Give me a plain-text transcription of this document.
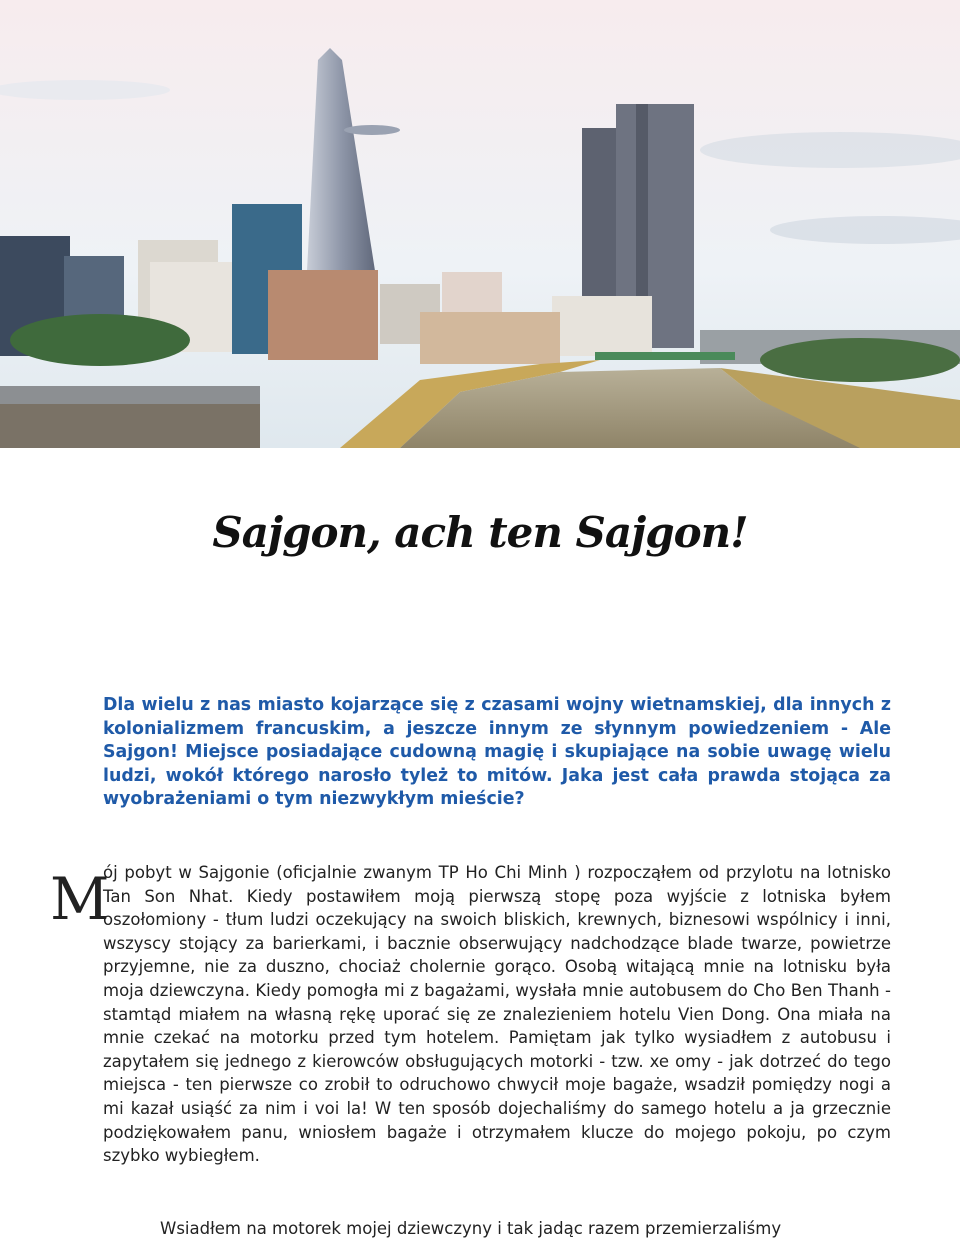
Sajgon, ach ten Sajgon!

Dla wielu z nas miasto kojarzące się z czasami wojny wietnamskiej, dla innych z kolonializmem francuskim, a jeszcze innym ze słynnym powiedzeniem - Ale Sajgon! Miejsce posiadające cudowną magię i skupiające na sobie uwagę wielu ludzi, wokół którego narosło tyleż to mitów. Jaka jest cała prawda stojąca za wyobrażeniami o tym niezwykłym mieście?

M

ój pobyt w Sajgonie (oficjalnie zwanym TP Ho Chi Minh ) rozpocząłem od przylotu na lotnisko Tan Son Nhat. Kiedy postawiłem moją pierwszą stopę poza wyjście z lotniska byłem oszołomiony - tłum ludzi oczekujący na swoich bliskich, krewnych, biznesowi wspólnicy i inni, wszyscy stojący za barierkami, i bacznie obserwujący nadchodzące blade twarze, powietrze przyjemne, nie za duszno, chociaż cholernie gorąco. Osobą witającą mnie na lotnisku była moja dziewczyna. Kiedy pomogła mi z bagażami, wysłała mnie autobusem do Cho Ben Thanh - stamtąd miałem na własną rękę uporać się ze znalezieniem hotelu Vien Dong. Ona miała na mnie czekać na motorku przed tym hotelem. Pamiętam jak tylko wysiadłem z autobusu i zapytałem się jednego z kierowców obsługujących motorki - tzw. xe omy - jak dotrzeć do tego miejsca - ten pierwsze co zrobił to odruchowo chwycił moje bagaże, wsadził pomiędzy nogi a mi kazał usiąść za nim i voi la! W ten sposób dojechaliśmy do samego hotelu a ja grzecznie podziękowałem panu, wniosłem bagaże i otrzymałem klucze do mojego pokoju, po czym szybko wybiegłem.

Wsiadłem na motorek mojej dziewczyny i tak jadąc razem przemierzaliśmy
